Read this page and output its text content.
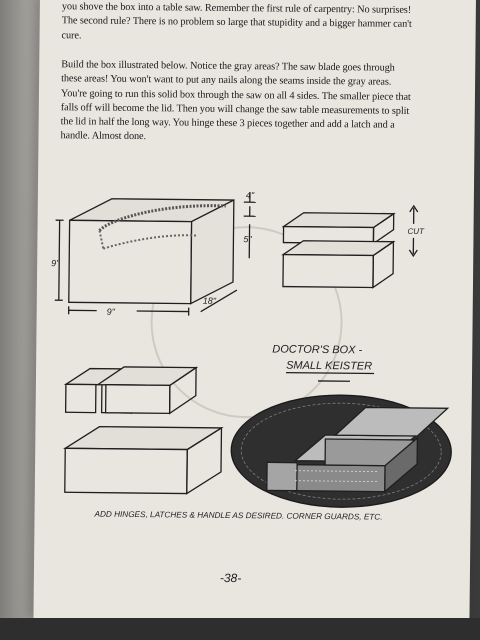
you shove the box into a table saw. Remember the first rule of carpentry: No surprises!
The second rule? There is no problem so large that stupidity and a bigger hammer can't
cure.
Build the box illustrated below. Notice the gray areas? The saw blade goes through
these areas! You won't want to put any nails along the seams inside the gray areas.
You're going to run this solid box through the saw on all 4 sides. The smaller piece that
falls off will become the lid. Then you will change the saw table measurements to split
the lid in half the long way. You hinge these 3 pieces together and add a latch and a
handle. Almost done.
4"
5"
9"
18"
9"
CUT
DOCTOR'S BOX -
SMALL KEISTER
ADD HINGES, LATCHES & HANDLE AS DESIRED. CORNER GUARDS, ETC.
-38-
